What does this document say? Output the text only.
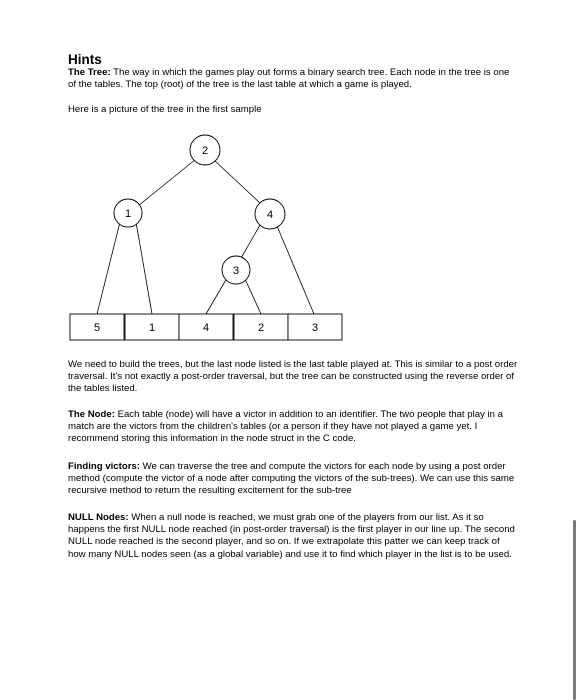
Hints

The Tree: The way in which the games play out forms a binary search tree. Each node in the tree is one of the tables. The top (root) of the tree is the last table at which a game is played.

Here is a picture of the tree in the first sample

2
1	4
3
5	1	4	2	3

We need to build the trees, but the last node listed is the last table played at. This is similar to a post order traversal. It's not exactly a post-order traversal, but the tree can be constructed using the reverse order of the tables listed.

The Node: Each table (node) will have a victor in addition to an identifier. The two people that play in a match are the victors from the children's tables (or a person if they have not played a game yet. I recommend storing this information in the node struct in the C code.

Finding victors: We can traverse the tree and compute the victors for each node by using a post order method (compute the victor of a node after computing the victors of the sub-trees). We can use this same recursive method to return the resulting excitement for the sub-tree

NULL Nodes: When a null node is reached, we must grab one of the players from our list. As it so happens the first NULL node reached (in post-order traversal) is the first player in our line up. The second NULL node reached is the second player, and so on. If we extrapolate this patter we can keep track of how many NULL nodes seen (as a global variable) and use it to find which player in the list is to be used.
